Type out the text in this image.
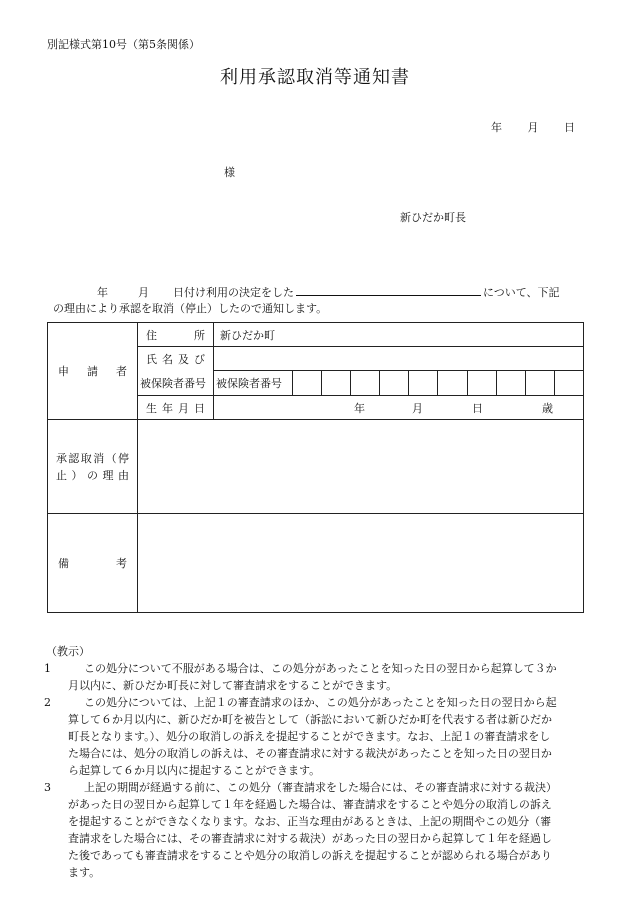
別記様式第10号（第5条関係）
利用承認取消等通知書
年 月 日
様
新ひだか町長
年	月 日付け利用の決定をした	について、下記
の理由により承認を取消（停止）したので通知します。
申 請 者	住 所	新ひだか町

	氏 名 及 び	

	被保険者番号	被保険者番号

	生 年 月 日	年 月 日 歳

承認取消（停
止）の理由		

備 考		

（教示）
1	この処分について不服がある場合は、この処分があったことを知った日の翌日から起算して３か

月以内に、新ひだか町長に対して審査請求をすることができます。

2	この処分については、上記１の審査請求のほか、この処分があったことを知った日の翌日から起

算して６か月以内に、新ひだか町を被告として（訴訟において新ひだか町を代表する者は新ひだか

町長となります。）、処分の取消しの訴えを提起することができます。なお、上記１の審査請求をし

た場合には、処分の取消しの訴えは、その審査請求に対する裁決があったことを知った日の翌日か

ら起算して６か月以内に提起することができます。

3	上記の期間が経過する前に、この処分（審査請求をした場合には、その審査請求に対する裁決）

があった日の翌日から起算して１年を経過した場合は、審査請求をすることや処分の取消しの訴え

を提起することができなくなります。なお、正当な理由があるときは、上記の期間やこの処分（審

査請求をした場合には、その審査請求に対する裁決）があった日の翌日から起算して１年を経過し

た後であっても審査請求をすることや処分の取消しの訴えを提起することが認められる場合があり

ます。
